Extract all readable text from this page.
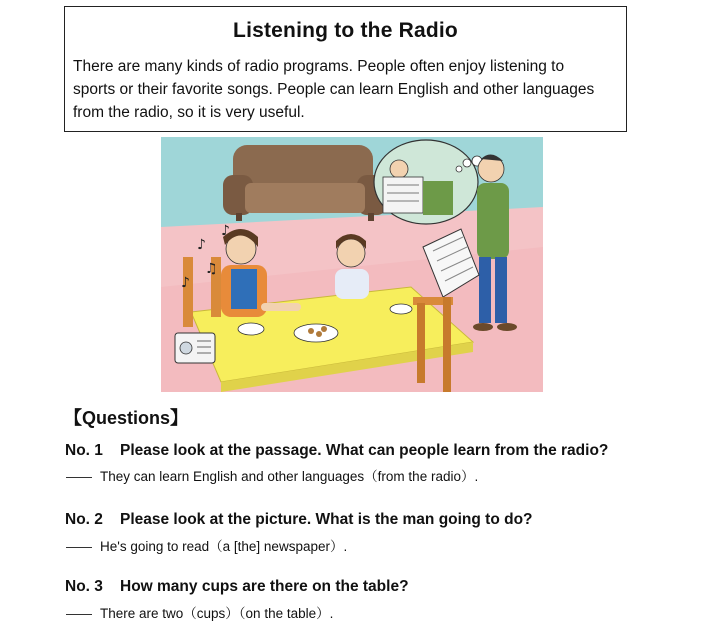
Listening to the Radio
There are many kinds of radio programs. People often enjoy listening to
sports or their favorite songs. People can learn English and other languages
from the radio, so it is very useful.
♪
♫
♪
♪
【Questions】
No. 1 Please look at the passage. What can people learn from the radio?
They can learn English and other languages（from the radio）.
No. 2 Please look at the picture. What is the man going to do?
He's going to read（a [the] newspaper）.
No. 3 How many cups are there on the table?
There are two（cups）（on the table）.
